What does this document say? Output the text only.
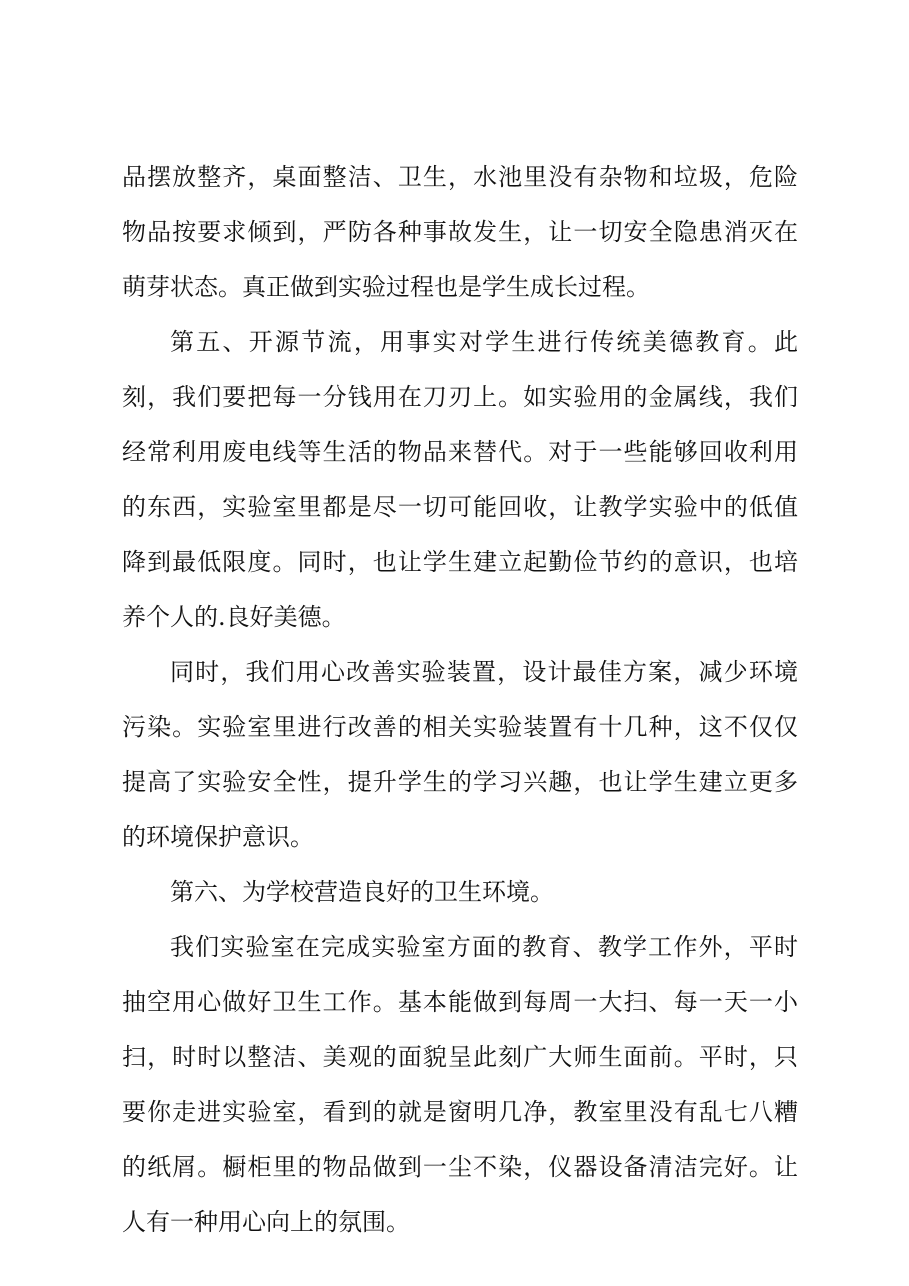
品摆放整齐，桌面整洁、卫生，水池里没有杂物和垃圾，危险
物品按要求倾到，严防各种事故发生，让一切安全隐患消灭在
萌芽状态。真正做到实验过程也是学生成长过程。
第五、开源节流，用事实对学生进行传统美德教育。此
刻，我们要把每一分钱用在刀刃上。如实验用的金属线，我们
经常利用废电线等生活的物品来替代。对于一些能够回收利用
的东西，实验室里都是尽一切可能回收，让教学实验中的低值
降到最低限度。同时，也让学生建立起勤俭节约的意识，也培
养个人的.良好美德。
同时，我们用心改善实验装置，设计最佳方案，减少环境
污染。实验室里进行改善的相关实验装置有十几种，这不仅仅
提高了实验安全性，提升学生的学习兴趣，也让学生建立更多
的环境保护意识。
第六、为学校营造良好的卫生环境。
我们实验室在完成实验室方面的教育、教学工作外，平时
抽空用心做好卫生工作。基本能做到每周一大扫、每一天一小
扫，时时以整洁、美观的面貌呈此刻广大师生面前。平时，只
要你走进实验室，看到的就是窗明几净，教室里没有乱七八糟
的纸屑。橱柜里的物品做到一尘不染，仪器设备清洁完好。让
人有一种用心向上的氛围。
